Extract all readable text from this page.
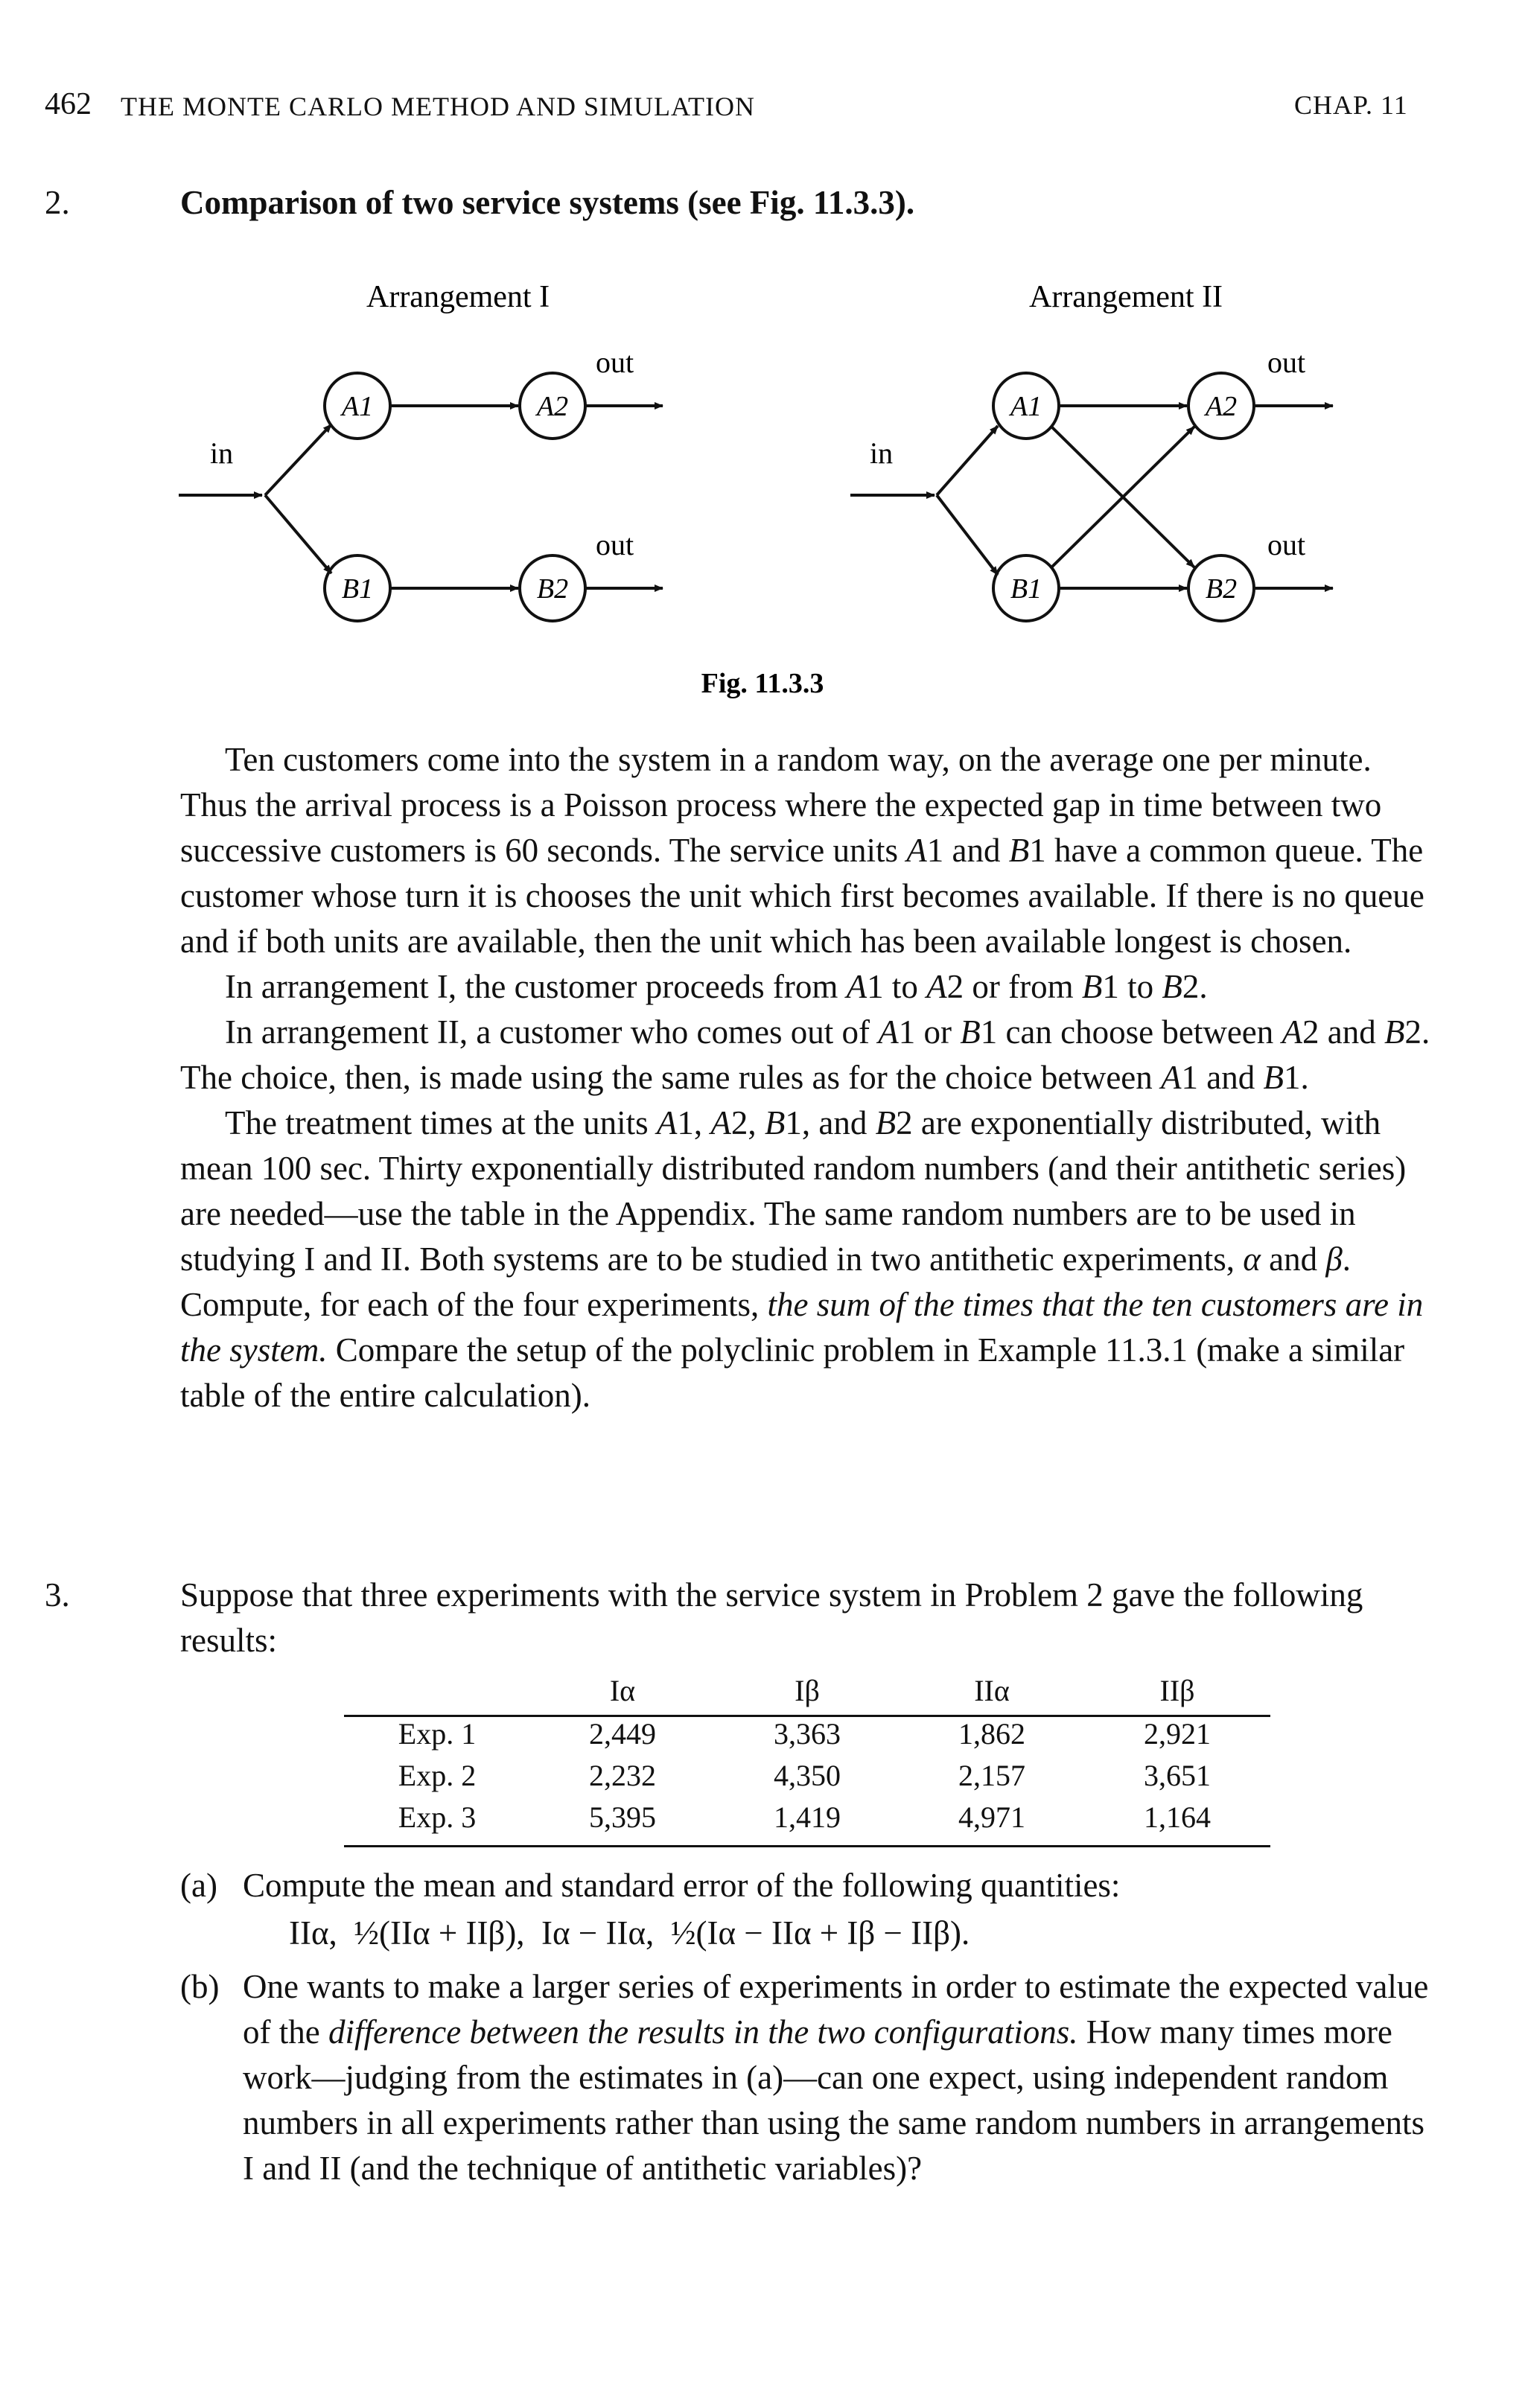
462 THE MONTE CARLO METHOD AND SIMULATION	CHAP. 11
2.	Comparison of two service systems (see Fig. 11.3.3).
Arrangement I
in
A1	A2
B1	B2
out
out
Arrangement II
in
A1	A2
B1	B2
out
out
Fig. 11.3.3

Ten customers come into the system in a random way, on the average one per minute. Thus the arrival process is a Poisson process where the expected gap in time between two successive customers is 60 seconds. The service units A1 and B1 have a common queue. The customer whose turn it is chooses the unit which first becomes available. If there is no queue and if both units are available, then the unit which has been available longest is chosen.

In arrangement I, the customer proceeds from A1 to A2 or from B1 to B2.

In arrangement II, a customer who comes out of A1 or B1 can choose between A2 and B2. The choice, then, is made using the same rules as for the choice between A1 and B1.

The treatment times at the units A1, A2, B1, and B2 are exponentially distributed, with mean 100 sec. Thirty exponentially distributed random numbers (and their antithetic series) are needed—use the table in the Appendix. The same random numbers are to be used in studying I and II. Both systems are to be studied in two antithetic experiments, α and β. Compute, for each of the four experiments, the sum of the times that the ten customers are in the system. Compare the setup of the polyclinic problem in Example 11.3.1 (make a similar table of the entire calculation).

3.	Suppose that three experiments with the service system in Problem 2 gave the following results:
	Iα	Iβ	IIα	IIβ
Exp. 1	2,449	3,363	1,862	2,921
Exp. 2	2,232	4,350	2,157	3,651
Exp. 3	5,395	1,419	4,971	1,164
(a) Compute the mean and standard error of the following quantities:
IIα,  ½(IIα + IIβ),  Iα − IIα,  ½(Iα − IIα + Iβ − IIβ).
(b) One wants to make a larger series of experiments in order to estimate the expected value of the difference between the results in the two configurations. How many times more work—judging from the estimates in (a)—can one expect, using independent random numbers in all experiments rather than using the same random numbers in arrangements I and II (and the technique of antithetic variables)?
